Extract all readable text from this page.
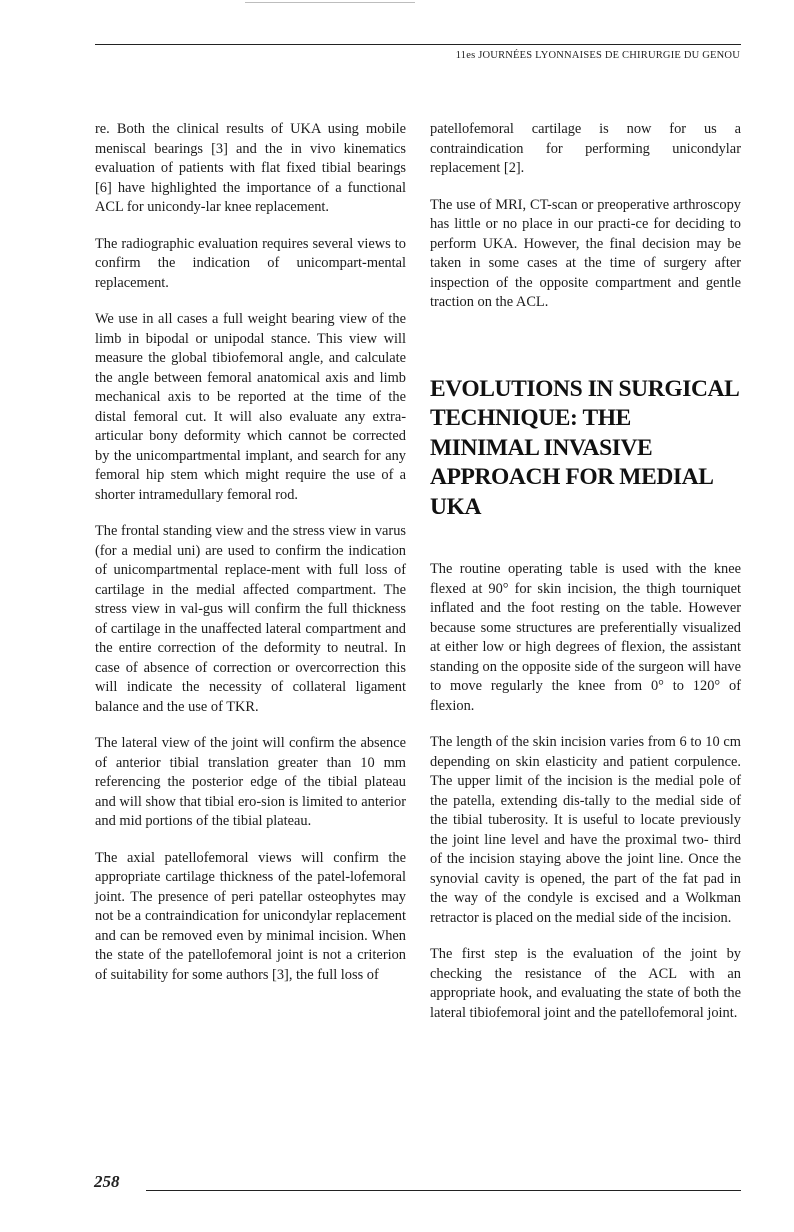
11es JOURNÉES LYONNAISES DE CHIRURGIE DU GENOU

re. Both the clinical results of UKA using mobile meniscal bearings [3] and the in vivo kinematics evaluation of patients with flat fixed tibial bearings [6] have highlighted the importance of a functional ACL for unicondy-lar knee replacement.

The radiographic evaluation requires several views to confirm the indication of unicompart-mental replacement.

We use in all cases a full weight bearing view of the limb in bipodal or unipodal stance. This view will measure the global tibiofemoral angle, and calculate the angle between femoral anatomical axis and limb mechanical axis to be reported at the time of the distal femoral cut. It will also evaluate any extra-articular bony deformity which cannot be corrected by the unicompartmental implant, and search for any femoral hip stem which might require the use of a shorter intramedullary femoral rod.

The frontal standing view and the stress view in varus (for a medial uni) are used to confirm the indication of unicompartmental replace-ment with full loss of cartilage in the medial affected compartment. The stress view in val-gus will confirm the full thickness of cartilage in the unaffected lateral compartment and the entire correction of the deformity to neutral. In case of absence of correction or overcorrection this will indicate the necessity of collateral ligament balance and the use of TKR.

The lateral view of the joint will confirm the absence of anterior tibial translation greater than 10 mm referencing the posterior edge of the tibial plateau and will show that tibial ero-sion is limited to anterior and mid portions of the tibial plateau.

The axial patellofemoral views will confirm the appropriate cartilage thickness of the patel-lofemoral joint. The presence of peri patellar osteophytes may not be a contraindication for unicondylar replacement and can be removed even by minimal incision. When the state of the patellofemoral joint is not a criterion of suitability for some authors [3], the full loss of

patellofemoral cartilage is now for us a contraindication for performing unicondylar replacement [2].

The use of MRI, CT-scan or preoperative arthroscopy has little or no place in our practi-ce for deciding to perform UKA. However, the final decision may be taken in some cases at the time of surgery after inspection of the opposite compartment and gentle traction on the ACL.

EVOLUTIONS IN SURGICAL TECHNIQUE: THE MINIMAL INVASIVE APPROACH FOR MEDIAL UKA

The routine operating table is used with the knee flexed at 90° for skin incision, the thigh tourniquet inflated and the foot resting on the table. However because some structures are preferentially visualized at either low or high degrees of flexion, the assistant standing on the opposite side of the surgeon will have to move regularly the knee from 0° to 120° of flexion.

The length of the skin incision varies from 6 to 10 cm depending on skin elasticity and patient corpulence. The upper limit of the incision is the medial pole of the patella, extending dis-tally to the medial side of the tibial tuberosity. It is useful to locate previously the joint line level and have the proximal two- third of the incision staying above the joint line. Once the synovial cavity is opened, the part of the fat pad in the way of the condyle is excised and a Wolkman retractor is placed on the medial side of the incision.

The first step is the evaluation of the joint by checking the resistance of the ACL with an appropriate hook, and evaluating the state of both the lateral tibiofemoral joint and the patellofemoral joint.

258
